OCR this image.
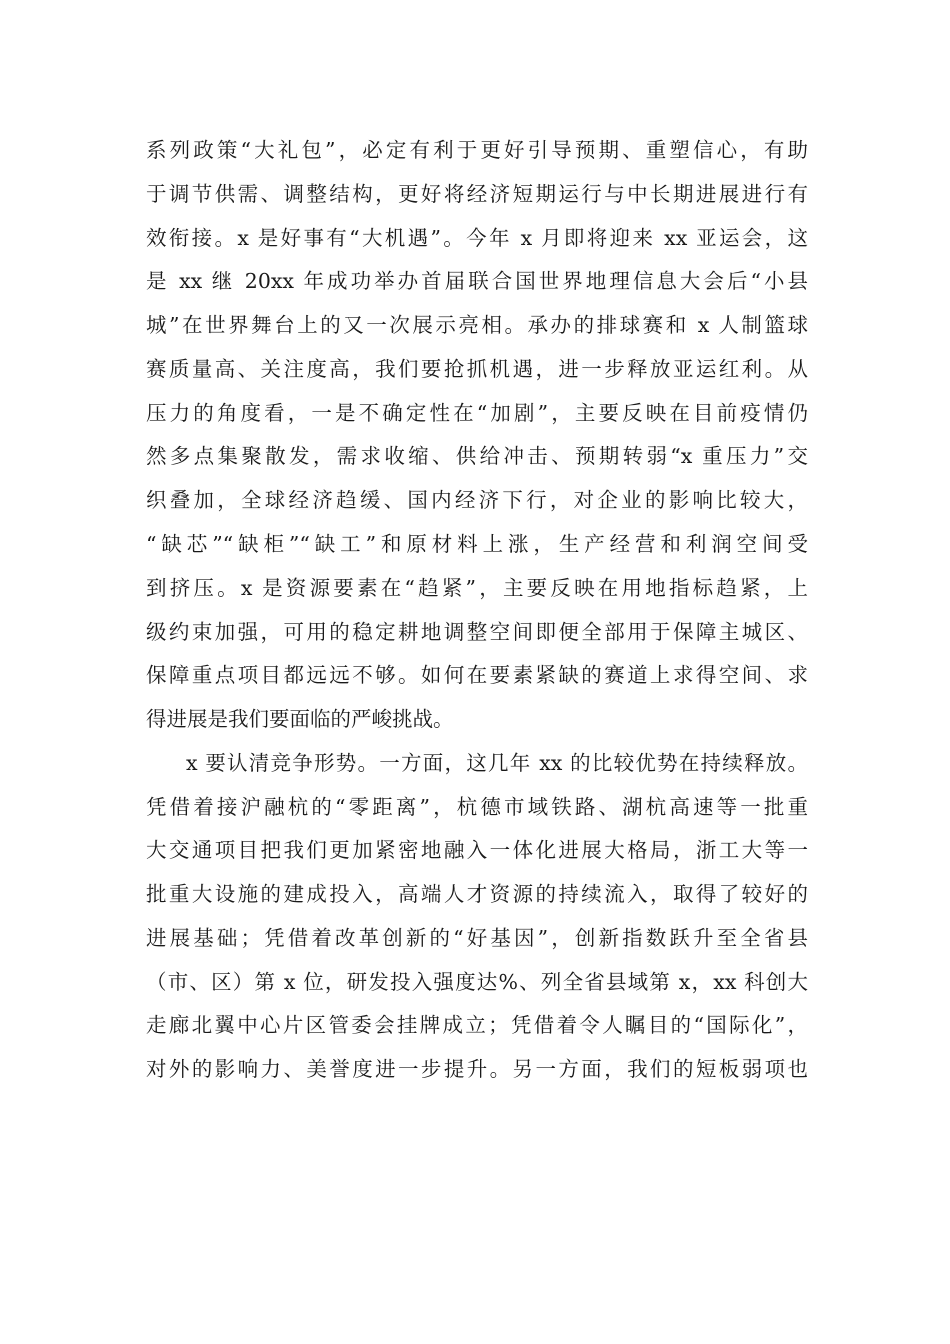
系列政策“大礼包”，必定有利于更好引导预期、重塑信心，有助
于调节供需、调整结构，更好将经济短期运行与中长期进展进行有
效衔接。x 是好事有“大机遇”。今年 x 月即将迎来 xx 亚运会，这
是 xx 继 20xx 年成功举办首届联合国世界地理信息大会后“小县
城”在世界舞台上的又一次展示亮相。承办的排球赛和 x 人制篮球
赛质量高、关注度高，我们要抢抓机遇，进一步释放亚运红利。从
压力的角度看，一是不确定性在“加剧”，主要反映在目前疫情仍
然多点集聚散发，需求收缩、供给冲击、预期转弱“x 重压力”交
织叠加，全球经济趋缓、国内经济下行，对企业的影响比较大，
“缺芯”“缺柜”“缺工”和原材料上涨，生产经营和利润空间受
到挤压。x 是资源要素在“趋紧”，主要反映在用地指标趋紧，上
级约束加强，可用的稳定耕地调整空间即便全部用于保障主城区、
保障重点项目都远远不够。如何在要素紧缺的赛道上求得空间、求
得进展是我们要面临的严峻挑战。
x 要认清竞争形势。一方面，这几年 xx 的比较优势在持续释放。
凭借着接沪融杭的“零距离”，杭德市域铁路、湖杭高速等一批重
大交通项目把我们更加紧密地融入一体化进展大格局，浙工大等一
批重大设施的建成投入，高端人才资源的持续流入，取得了较好的
进展基础；凭借着改革创新的“好基因”，创新指数跃升至全省县
（市、区）第 x 位，研发投入强度达%、列全省县域第 x，xx 科创大
走廊北翼中心片区管委会挂牌成立；凭借着令人瞩目的“国际化”，
对外的影响力、美誉度进一步提升。另一方面，我们的短板弱项也
